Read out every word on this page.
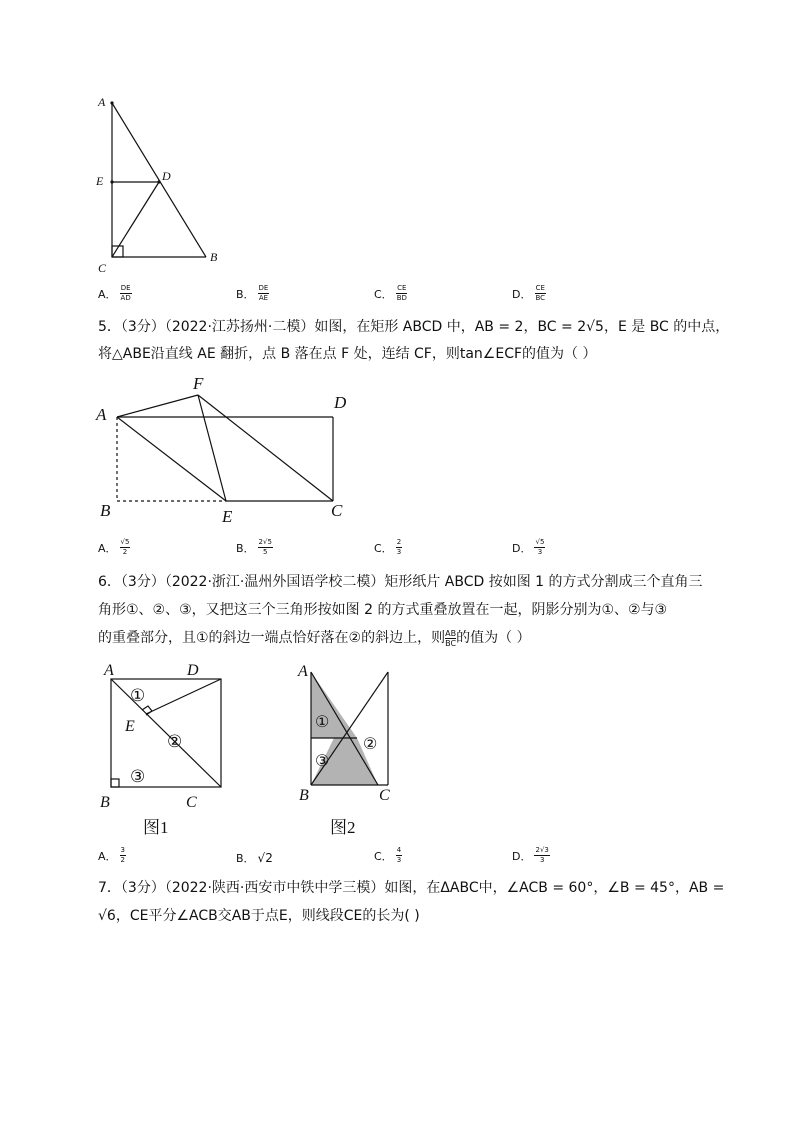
A
E	D
C
B
A． $\frac{DE}{AD}$	B． $\frac{DE}{AE}$	C． $\frac{CE}{BD}$	D． $\frac{CE}{BC}$
5．（3分）（2022·江苏扬州·二模）如图，在矩形 ABCD 中，AB = 2，BC = 2√5，E 是 BC 的中点，
将△ABE沿直线 AE 翻折，点 B 落在点 F 处，连结 CF，则tan∠ECF的值为（ ）
F
A
D
B	E	C
A． $\frac{√5}{2}$	B． $\frac{2√5}{5}$	C． $\frac{2}{3}$	D． $\frac{√5}{3}$
6．（3分）（2022·浙江·温州外国语学校二模）矩形纸片 ABCD 按如图 1 的方式分割成三个直角三
角形①、②、③，又把这三个三角形按如图 2 的方式重叠放置在一起，阴影分别为①、②与③
的重叠部分，且①的斜边一端点恰好落在②的斜边上，则 $\frac{AB}{BC}$ 的值为（ ）
A	D
E
B	C
①
②
③
图1
A
B	C
①
②
③
图2
A． $\frac{3}{2}$	B． √2	C． $\frac{4}{3}$	D． $\frac{2√3}{3}$
7．（3分）（2022·陕西·西安市中铁中学三模）如图，在ΔABC中，∠ACB = 60°，∠B = 45°，AB =
√6，CE平分∠ACB交AB于点E，则线段CE的长为( )
